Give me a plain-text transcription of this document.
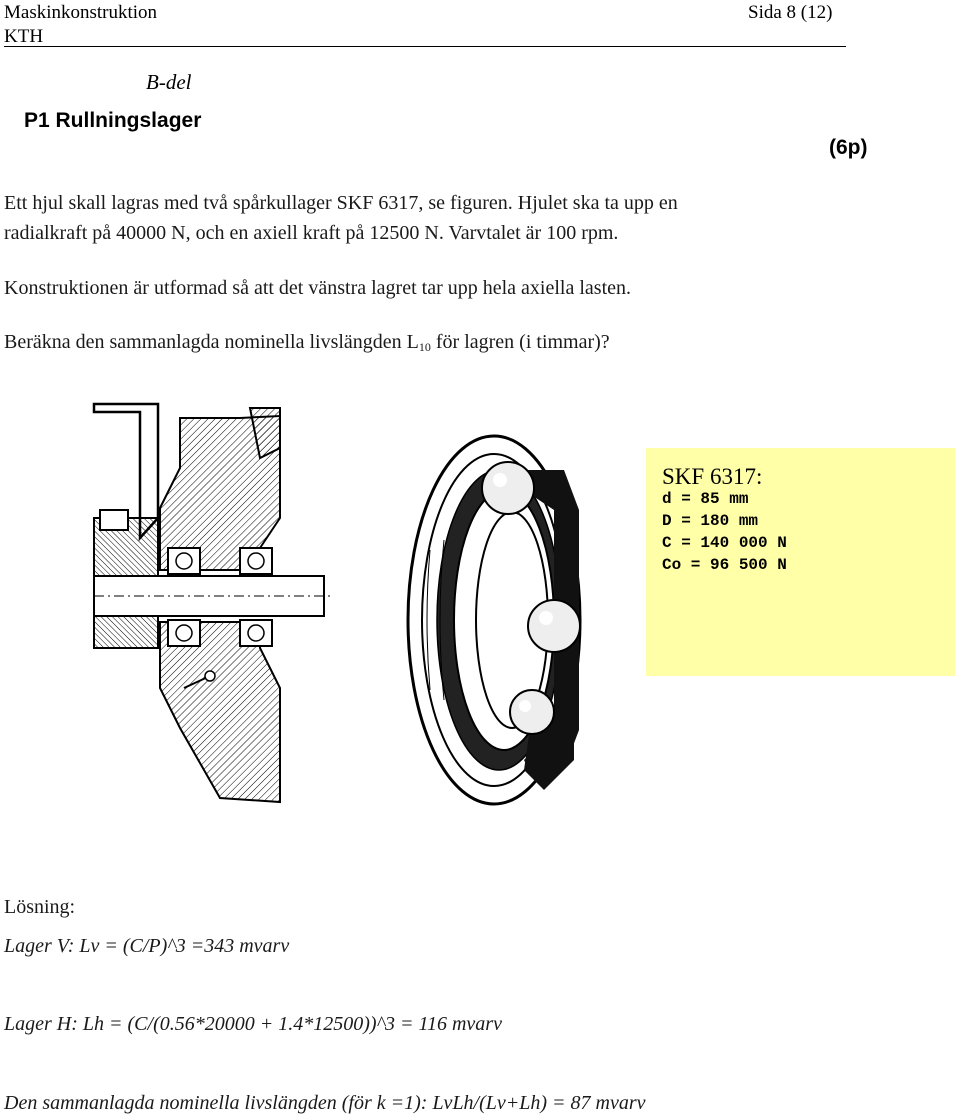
Maskinkonstruktion
KTH
Sida 8 (12)
B-del
P1 Rullningslager
(6p)
Ett hjul skall lagras med två spårkullager SKF 6317, se figuren. Hjulet ska ta upp en
radialkraft på 40000 N, och en axiell kraft på 12500 N. Varvtalet är 100 rpm.
Konstruktionen är utformad så att det vänstra lagret tar upp hela axiella lasten.
Beräkna den sammanlagda nominella livslängden $L_{10}$ för lagren (i timmar)?
SKF 6317:
d = 85 mm
D = 180 mm
C = 140 000 N
Co = 96 500 N
Lösning:
Lager V: Lv = (C/P)^3 =343 mvarv
Lager H: Lh = (C/(0.56*20000 + 1.4*12500))^3 = 116 mvarv
Den sammanlagda nominella livslängden (för k =1): LvLh/(Lv+Lh) = 87 mvarv
